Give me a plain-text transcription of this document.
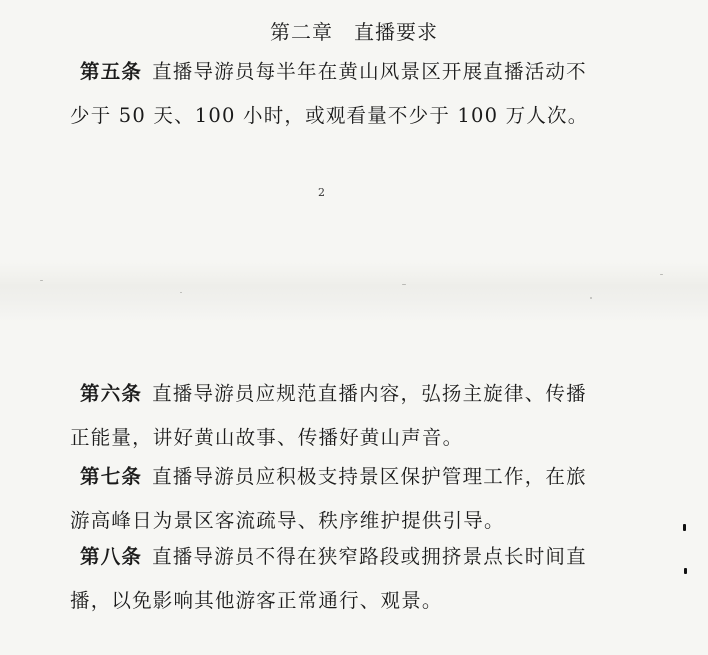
第二章　直播要求
第五条 直播导游员每半年在黄山风景区开展直播活动不
少于 50 天、100 小时，或观看量不少于 100 万人次。
2
第六条 直播导游员应规范直播内容，弘扬主旋律、传播
正能量，讲好黄山故事、传播好黄山声音。
第七条 直播导游员应积极支持景区保护管理工作，在旅
游高峰日为景区客流疏导、秩序维护提供引导。
第八条 直播导游员不得在狭窄路段或拥挤景点长时间直
播，以免影响其他游客正常通行、观景。
